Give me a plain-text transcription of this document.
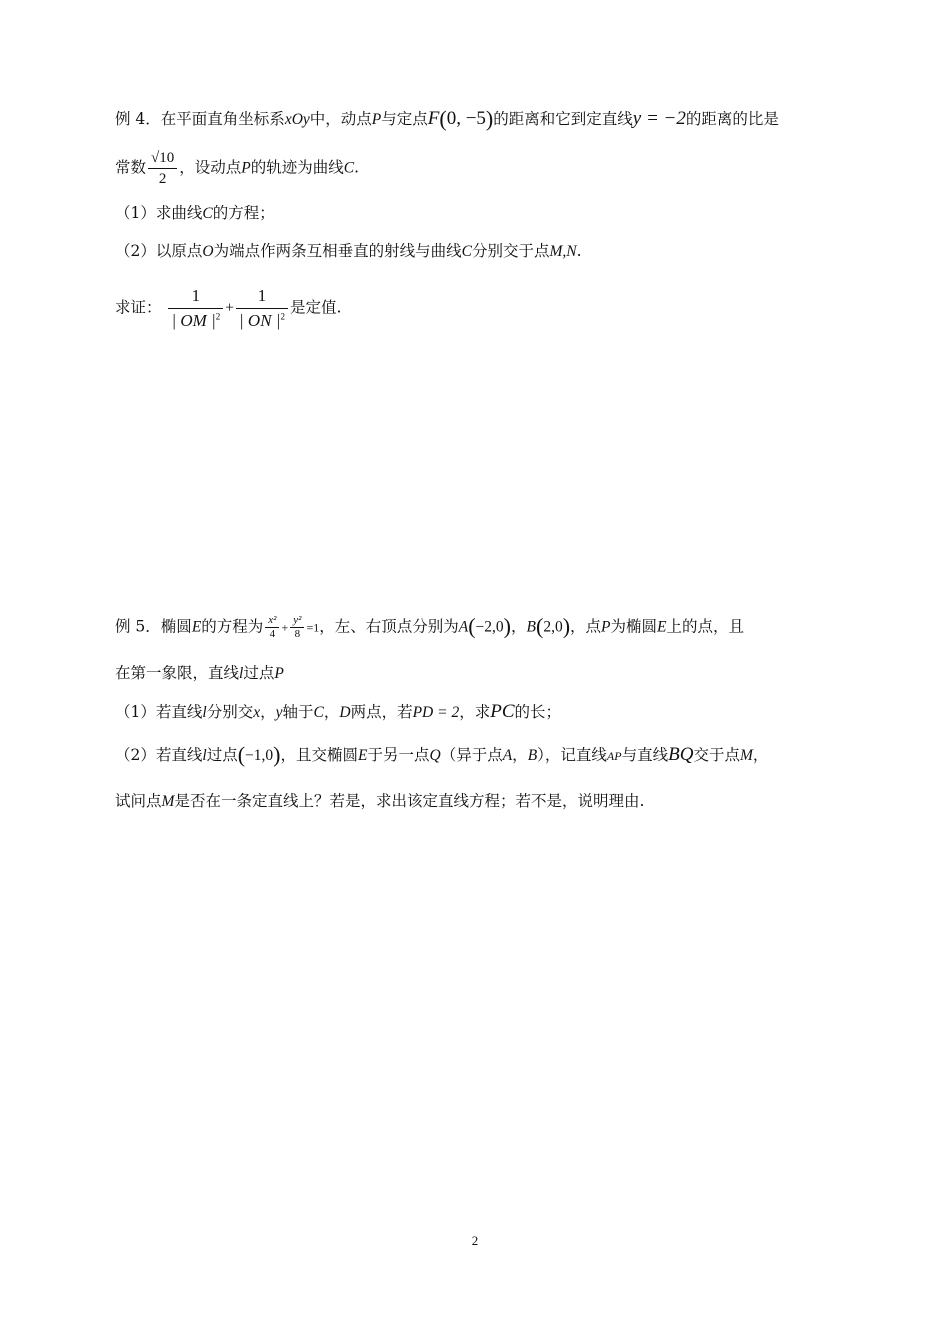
例 4．在平面直角坐标系xOy中，动点P与定点F(0, −5)的距离和它到定直线y = −2的距离的比是
常数 $\frac{√10}{2}$ ，设动点P的轨迹为曲线C.
（1）求曲线C的方程；
（2）以原点O为端点作两条互相垂直的射线与曲线C分别交于点M,N.
求证： $\frac{1}{| OM |^2} + \frac{1}{| ON |^2}$ 是定值.
例 5．椭圆E的方程为 $\frac{\text{x²}}{4} + \frac{\text{y²}}{8} =1$，左、右顶点分别为A(−2,0)，B(2,0)，点P为椭圆E上的点，且
在第一象限，直线l过点P
（1）若直线l分别交x，y轴于C，D两点，若PD = 2，求PC的长；
（2）若直线l过点(−1,0)，且交椭圆E于另一点Q（异于点A，B），记直线AP与直线BQ交于点M，
试问点M是否在一条定直线上？若是，求出该定直线方程；若不是，说明理由.
2
